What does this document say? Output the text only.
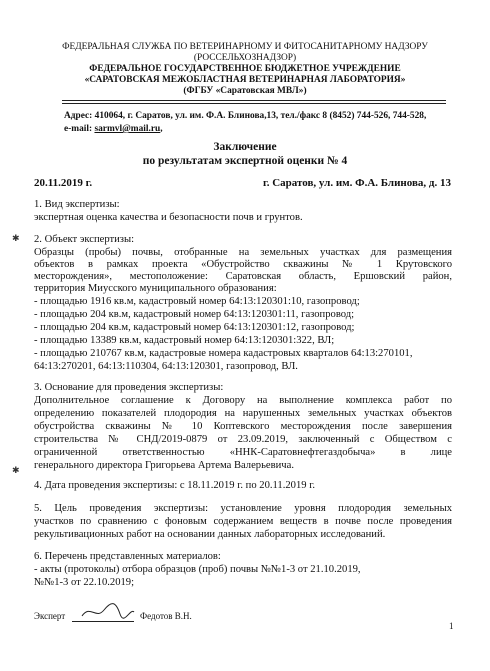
ФЕДЕРАЛЬНАЯ СЛУЖБА ПО ВЕТЕРИНАРНОМУ И ФИТОСАНИТАРНОМУ НАДЗОРУ
(РОССЕЛЬХОЗНАДЗОР)
ФЕДЕРАЛЬНОЕ ГОСУДАРСТВЕННОЕ БЮДЖЕТНОЕ УЧРЕЖДЕНИЕ
«САРАТОВСКАЯ МЕЖОБЛАСТНАЯ ВЕТЕРИНАРНАЯ ЛАБОРАТОРИЯ»
(ФГБУ «Саратовская МВЛ»)
Адрес: 410064, г. Саратов, ул. им. Ф.А. Блинова,13, тел./факс 8 (8452) 744-526, 744-528,
e-mail: sarmvl@mail.ru,
Заключение
по результатам экспертной оценки № 4
20.11.2019 г.	г. Саратов, ул. им. Ф.А. Блинова, д. 13
1. Вид экспертизы:
экспертная оценка качества и безопасности почв и грунтов.
✱
✱
2. Объект экспертизы:
Образцы (пробы) почвы, отобранные на земельных участках для размещения
объектов в рамках проекта «Обустройство скважины № 1 Крутовского
месторождения», местоположение: Саратовская область, Ершовский район,
территория Миусского муниципального образования:
- площадью 1916 кв.м, кадастровый номер 64:13:120301:10, газопровод;
- площадью 204 кв.м, кадастровый номер 64:13:120301:11, газопровод;
- площадью 204 кв.м, кадастровый номер 64:13:120301:12, газопровод;
- площадью 13389 кв.м, кадастровый номер 64:13:120301:322, ВЛ;
- площадью 210767 кв.м, кадастровые номера кадастровых кварталов 64:13:270101,
64:13:270201, 64:13:110304, 64:13:120301, газопровод, ВЛ.
3. Основание для проведения экспертизы:
Дополнительное соглашение к Договору на выполнение комплекса работ по
определению показателей плодородия на нарушенных земельных участках объектов
обустройства скважины № 10 Коптевского месторождения после завершения
строительства № СНД/2019-0879 от 23.09.2019, заключенный с Обществом с
ограниченной ответственностью «ННК-Саратовнефтегаздобыча» в лице
генерального директора Григорьева Артема Валерьевича.
4. Дата проведения экспертизы: с 18.11.2019 г. по 20.11.2019 г.
5. Цель проведения экспертизы: установление уровня плодородия земельных
участков по сравнению с фоновым содержанием веществ в почве после проведения
рекультивационных работ на основании данных лабораторных исследований.
6. Перечень представленных материалов:
- акты (протоколы) отбора образцов (проб) почвы №№1-3 от 21.10.2019,
№№1-3 от 22.10.2019;
Эксперт	Федотов В.Н.
1
